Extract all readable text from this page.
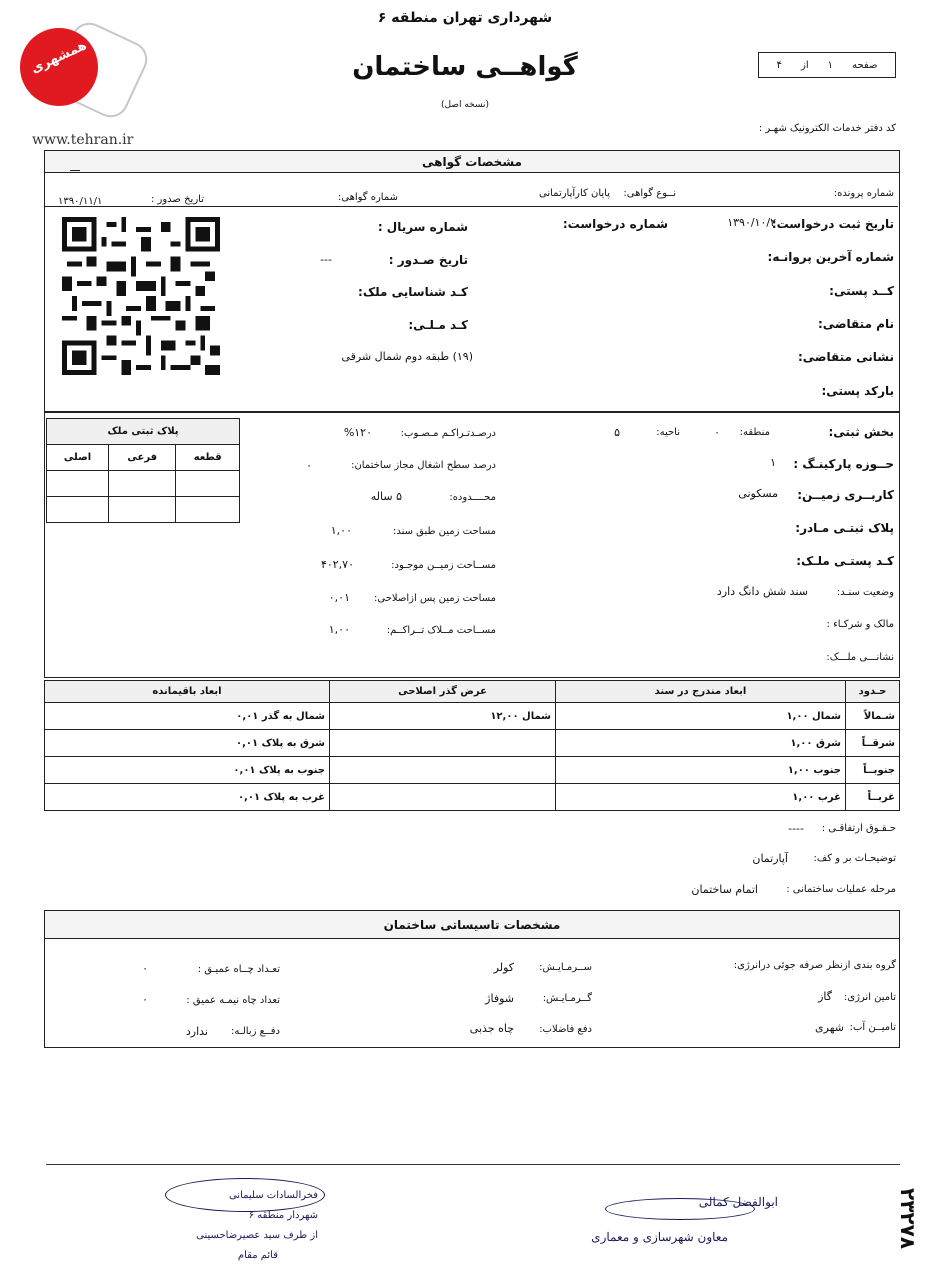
همشهری
www.tehran.ir
شهرداری تهران منطقه ۶
گواهــی ساختمان
(نسخه اصل)
صفحه
۱
از
۴
کد دفتر خدمات الکترونیک شهـر :
مشخصات گواهی
شماره پرونده:
نــوع گواهی:
پایان کارآپارتمانی
شماره گواهی:
تاریخ صدور :
۱۳۹۰/۱۱/۱
تاریخ ثبت درخواست:
۱۳۹۰/۱۰/۲
شماره درخواست:
شماره سریال :
شماره آخرین پروانـه:
تاریخ صـدور :
---
کــد پستی:
کـد شناسایی ملک:
نام متقاضی:
کـد مـلـی:
نشانی متقاضی:
(۱۹) طبقه دوم شمال شرقی
بارکد پستی:
بخش ثبتی:
منطقه:
۰
ناحیه:
۵
حــوزه پارکینـگ :
۱
کاربــری زمیــن:
مسکونی
پلاک ثبتـی مـادر:
کـد پستـی ملـک:
وضعیت سنـد:
سند شش دانگ دارد
مالک و شرکـاء :
نشانـــی ملـــک:
درصـدتـراکـم مـصـوب:
%۱۲۰
درصد سطح اشغال مجاز ساختمان:
۰
محــــدوده:
۵ ساله
مساحت زمین طبق سند:
۱,۰۰
مســاحت زمیــن موجـود:
۴۰۲,۷۰
مساحت زمین پس ازاصلاحی:
۰,۰۱
مســاحت مــلاک تــراکــم:
۱,۰۰
پلاک ثبتی ملک		
قطعه	فرعی	اصلی

حـدود	ابعاد مندرج در سند	عرض گذر اصلاحی	ابعاد باقیمانده
شـمالاً	شمال ۱,۰۰	شمال ۱۲,۰۰	شمال به گذر ۰,۰۱
شرقــاً	شرق ۱,۰۰		شرق به پلاک ۰,۰۱
جنوبــاً	جنوب ۱,۰۰		جنوب به پلاک ۰,۰۱
غربــاً	غرب ۱,۰۰		غرب به پلاک ۰,۰۱
حـقـوق ارتفاقـی :
----
توضیحـات بر و کف:
آپارتمان
مرحله عملیات ساختمانی :
اتمام ساختمان
مشخصات تاسیساتی ساختمان
گروه بندی ازنظر صرفه جوئی درانرژی:
تامین انرژی:
گاز
تامیــن آب:
شهری
ســرمـایـش:
کولر
گــرمـایـش:
شوفاژ
دفع فاضلاب:
چاه جذبی
تعـداد چــاه عمیـق :
۰
تعداد چاه نیمـه عمیق :
۰
دفــع زبالـه:
ندارد
ابوالفضل کمالی
معاون شهرسازی و معماری
فخرالسادات سلیمانی
شهردار منطقه ۶
از طرف سید عصیرضاحسینی
قائم مقام
۲۳۲۷۸
